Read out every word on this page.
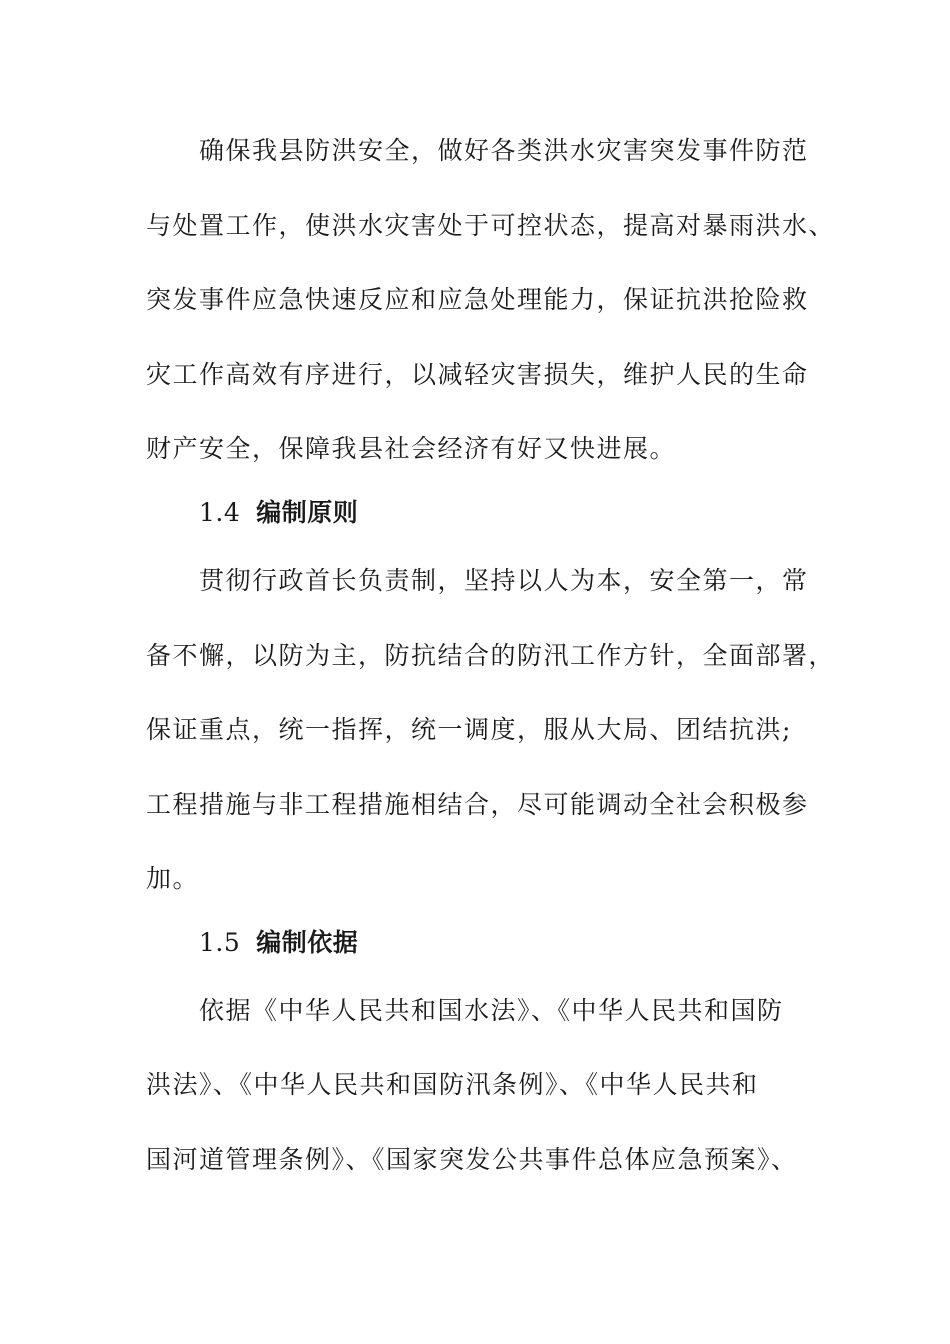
确保我县防洪安全，做好各类洪水灾害突发事件防范
与处置工作，使洪水灾害处于可控状态，提高对暴雨洪水、
突发事件应急快速反应和应急处理能力，保证抗洪抢险救
灾工作高效有序进行，以减轻灾害损失，维护人民的生命
财产安全，保障我县社会经济有好又快进展。
1.4 编制原则
贯彻行政首长负责制，坚持以人为本，安全第一，常
备不懈，以防为主，防抗结合的防汛工作方针，全面部署，
保证重点，统一指挥，统一调度，服从大局、团结抗洪;
工程措施与非工程措施相结合，尽可能调动全社会积极参
加。
1.5 编制依据
依据《中华人民共和国水法》、《中华人民共和国防
洪法》、《中华人民共和国防汛条例》、《中华人民共和
国河道管理条例》、《国家突发公共事件总体应急预案》、
